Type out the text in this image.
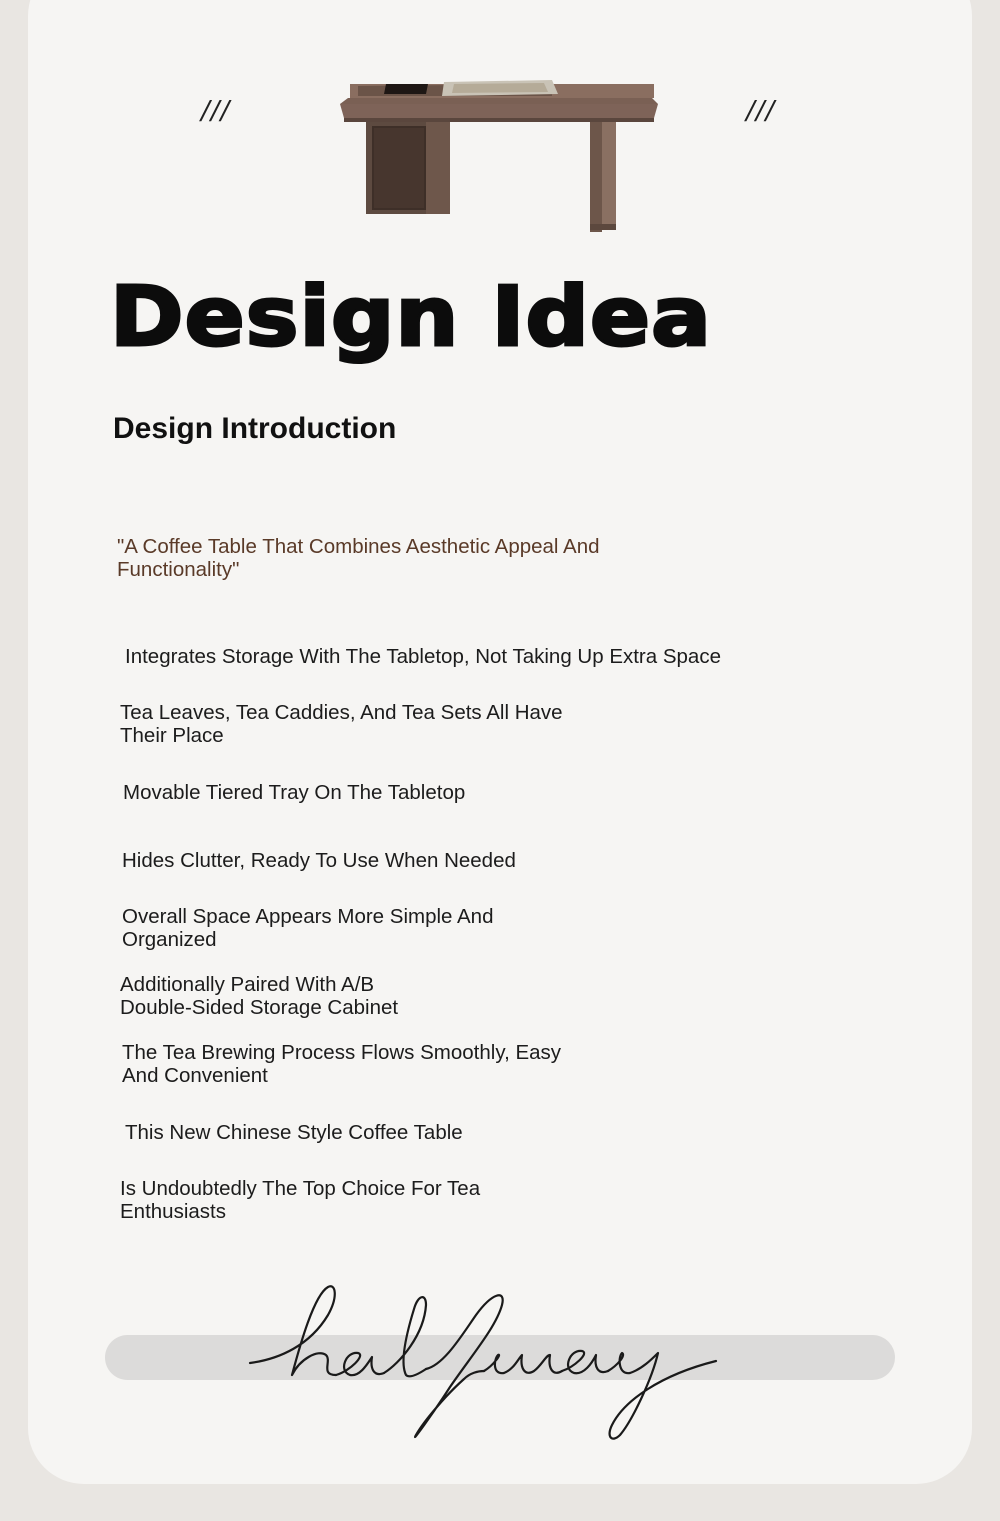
///	///
Design Idea
Design Introduction
"A Coffee Table That Combines Aesthetic Appeal And Functionality"
Integrates Storage With The Tabletop, Not Taking Up Extra Space
Tea Leaves, Tea Caddies, And Tea Sets All Have
Their Place
Movable Tiered Tray On The Tabletop
Hides Clutter, Ready To Use When Needed
Overall Space Appears More Simple And
Organized
Additionally Paired With A/B
Double-Sided Storage Cabinet
The Tea Brewing Process Flows Smoothly, Easy
And Convenient
This New Chinese Style Coffee Table
Is Undoubtedly The Top Choice For Tea
Enthusiasts
halfway
